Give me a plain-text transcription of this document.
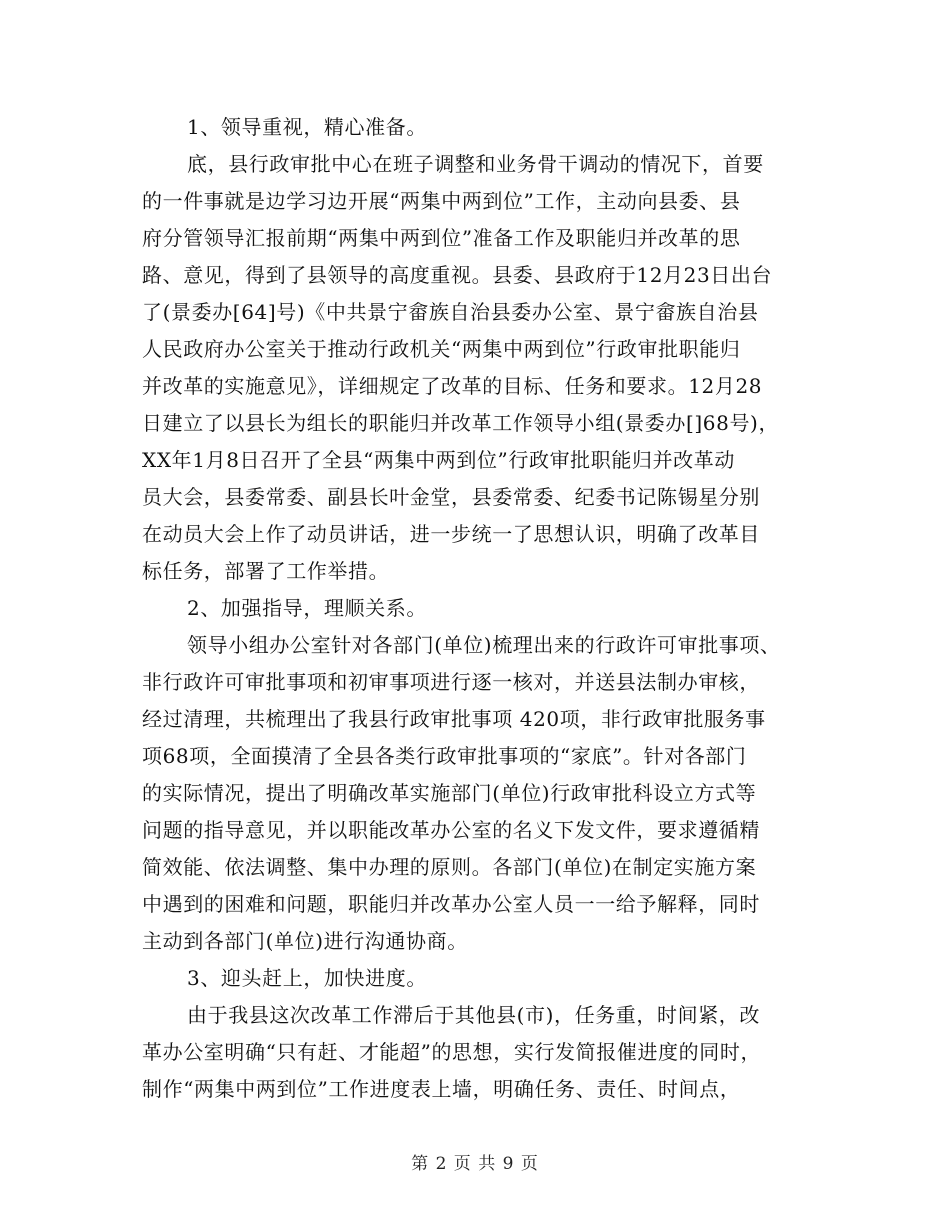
1、领导重视，精心准备。
底，县行政审批中心在班子调整和业务骨干调动的情况下，首要
的一件事就是边学习边开展“两集中两到位”工作，主动向县委、县
府分管领导汇报前期“两集中两到位”准备工作及职能归并改革的思
路、意见，得到了县领导的高度重视。县委、县政府于12月23日出台
了(景委办[64]号)《中共景宁畲族自治县委办公室、景宁畲族自治县
人民政府办公室关于推动行政机关“两集中两到位”行政审批职能归
并改革的实施意见》，详细规定了改革的目标、任务和要求。12月28
日建立了以县长为组长的职能归并改革工作领导小组(景委办[]68号)，
XX年1月8日召开了全县“两集中两到位”行政审批职能归并改革动
员大会，县委常委、副县长叶金堂，县委常委、纪委书记陈锡星分别
在动员大会上作了动员讲话，进一步统一了思想认识，明确了改革目
标任务，部署了工作举措。
2、加强指导，理顺关系。
领导小组办公室针对各部门(单位)梳理出来的行政许可审批事项、
非行政许可审批事项和初审事项进行逐一核对，并送县法制办审核，
经过清理，共梳理出了我县行政审批事项 420项，非行政审批服务事
项68项，全面摸清了全县各类行政审批事项的“家底”。针对各部门
的实际情况，提出了明确改革实施部门(单位)行政审批科设立方式等
问题的指导意见，并以职能改革办公室的名义下发文件，要求遵循精
简效能、依法调整、集中办理的原则。各部门(单位)在制定实施方案
中遇到的困难和问题，职能归并改革办公室人员一一给予解释，同时
主动到各部门(单位)进行沟通协商。
3、迎头赶上，加快进度。
由于我县这次改革工作滞后于其他县(市)，任务重，时间紧，改
革办公室明确“只有赶、才能超”的思想，实行发简报催进度的同时，
制作“两集中两到位”工作进度表上墙，明确任务、责任、时间点，
第 2 页 共 9 页
